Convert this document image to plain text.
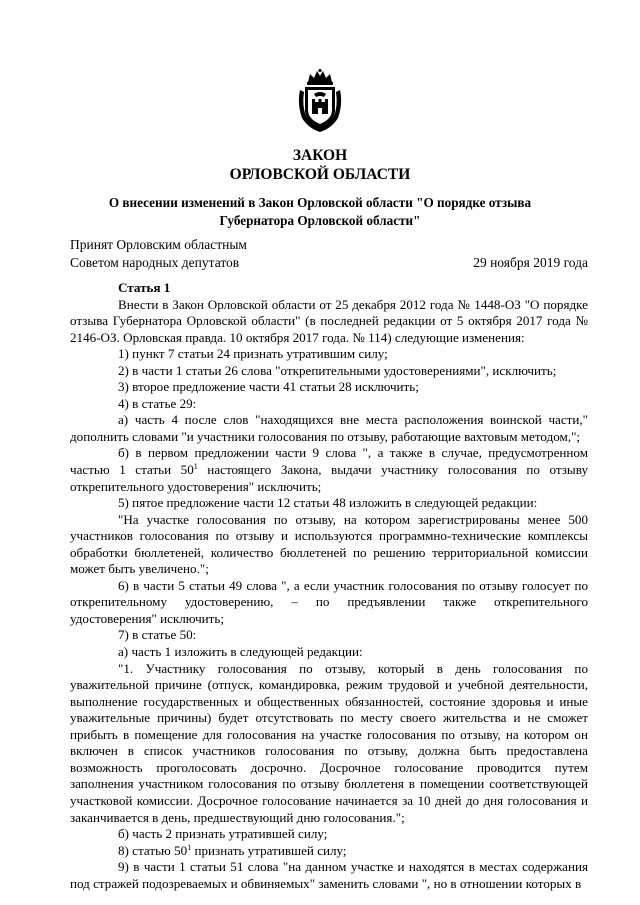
ЗАКОН
ОРЛОВСКОЙ ОБЛАСТИ
О внесении изменений в Закон Орловской области "О порядке отзыва Губернатора Орловской области"
Принят Орловским областным
Советом народных депутатов	29 ноября 2019 года

Статья 1

Внести в Закон Орловской области от 25 декабря 2012 года № 1448-ОЗ "О порядке отзыва Губернатора Орловской области" (в последней редакции от 5 октября 2017 года № 2146-ОЗ. Орловская правда. 10 октября 2017 года. № 114) следующие изменения:

1) пункт 7 статьи 24 признать утратившим силу;

2) в части 1 статьи 26 слова "открепительными удостоверениями", исключить;

3) второе предложение части 41 статьи 28 исключить;

4) в статье 29:

а) часть 4 после слов "находящихся вне места расположения воинской части," дополнить словами "и участники голосования по отзыву, работающие вахтовым методом,";

б) в первом предложении части 9 слова ", а также в случае, предусмотренном частью 1 статьи $50^1$ настоящего Закона, выдачи участнику голосования по отзыву открепительного удостоверения" исключить;

5) пятое предложение части 12 статьи 48 изложить в следующей редакции:

"На участке голосования по отзыву, на котором зарегистрированы менее 500 участников голосования по отзыву и используются программно-технические комплексы обработки бюллетеней, количество бюллетеней по решению территориальной комиссии может быть увеличено.";

6) в части 5 статьи 49 слова ", а если участник голосования по отзыву голосует по открепительному удостоверению, – по предъявлении также открепительного удостоверения" исключить;

7) в статье 50:

а) часть 1 изложить в следующей редакции:

"1. Участнику голосования по отзыву, который в день голосования по уважительной причине (отпуск, командировка, режим трудовой и учебной деятельности, выполнение государственных и общественных обязанностей, состояние здоровья и иные уважительные причины) будет отсутствовать по месту своего жительства и не сможет прибыть в помещение для голосования на участке голосования по отзыву, на котором он включен в список участников голосования по отзыву, должна быть предоставлена возможность проголосовать досрочно. Досрочное голосование проводится путем заполнения участником голосования по отзыву бюллетеня в помещении соответствующей участковой комиссии. Досрочное голосование начинается за 10 дней до дня голосования и заканчивается в день, предшествующий дню голосования.";

б) часть 2 признать утратившей силу;

8) статью $50^1$ признать утратившей силу;

9) в части 1 статьи 51 слова "на данном участке и находятся в местах содержания под стражей подозреваемых и обвиняемых" заменить словами ", но в отношении которых в
